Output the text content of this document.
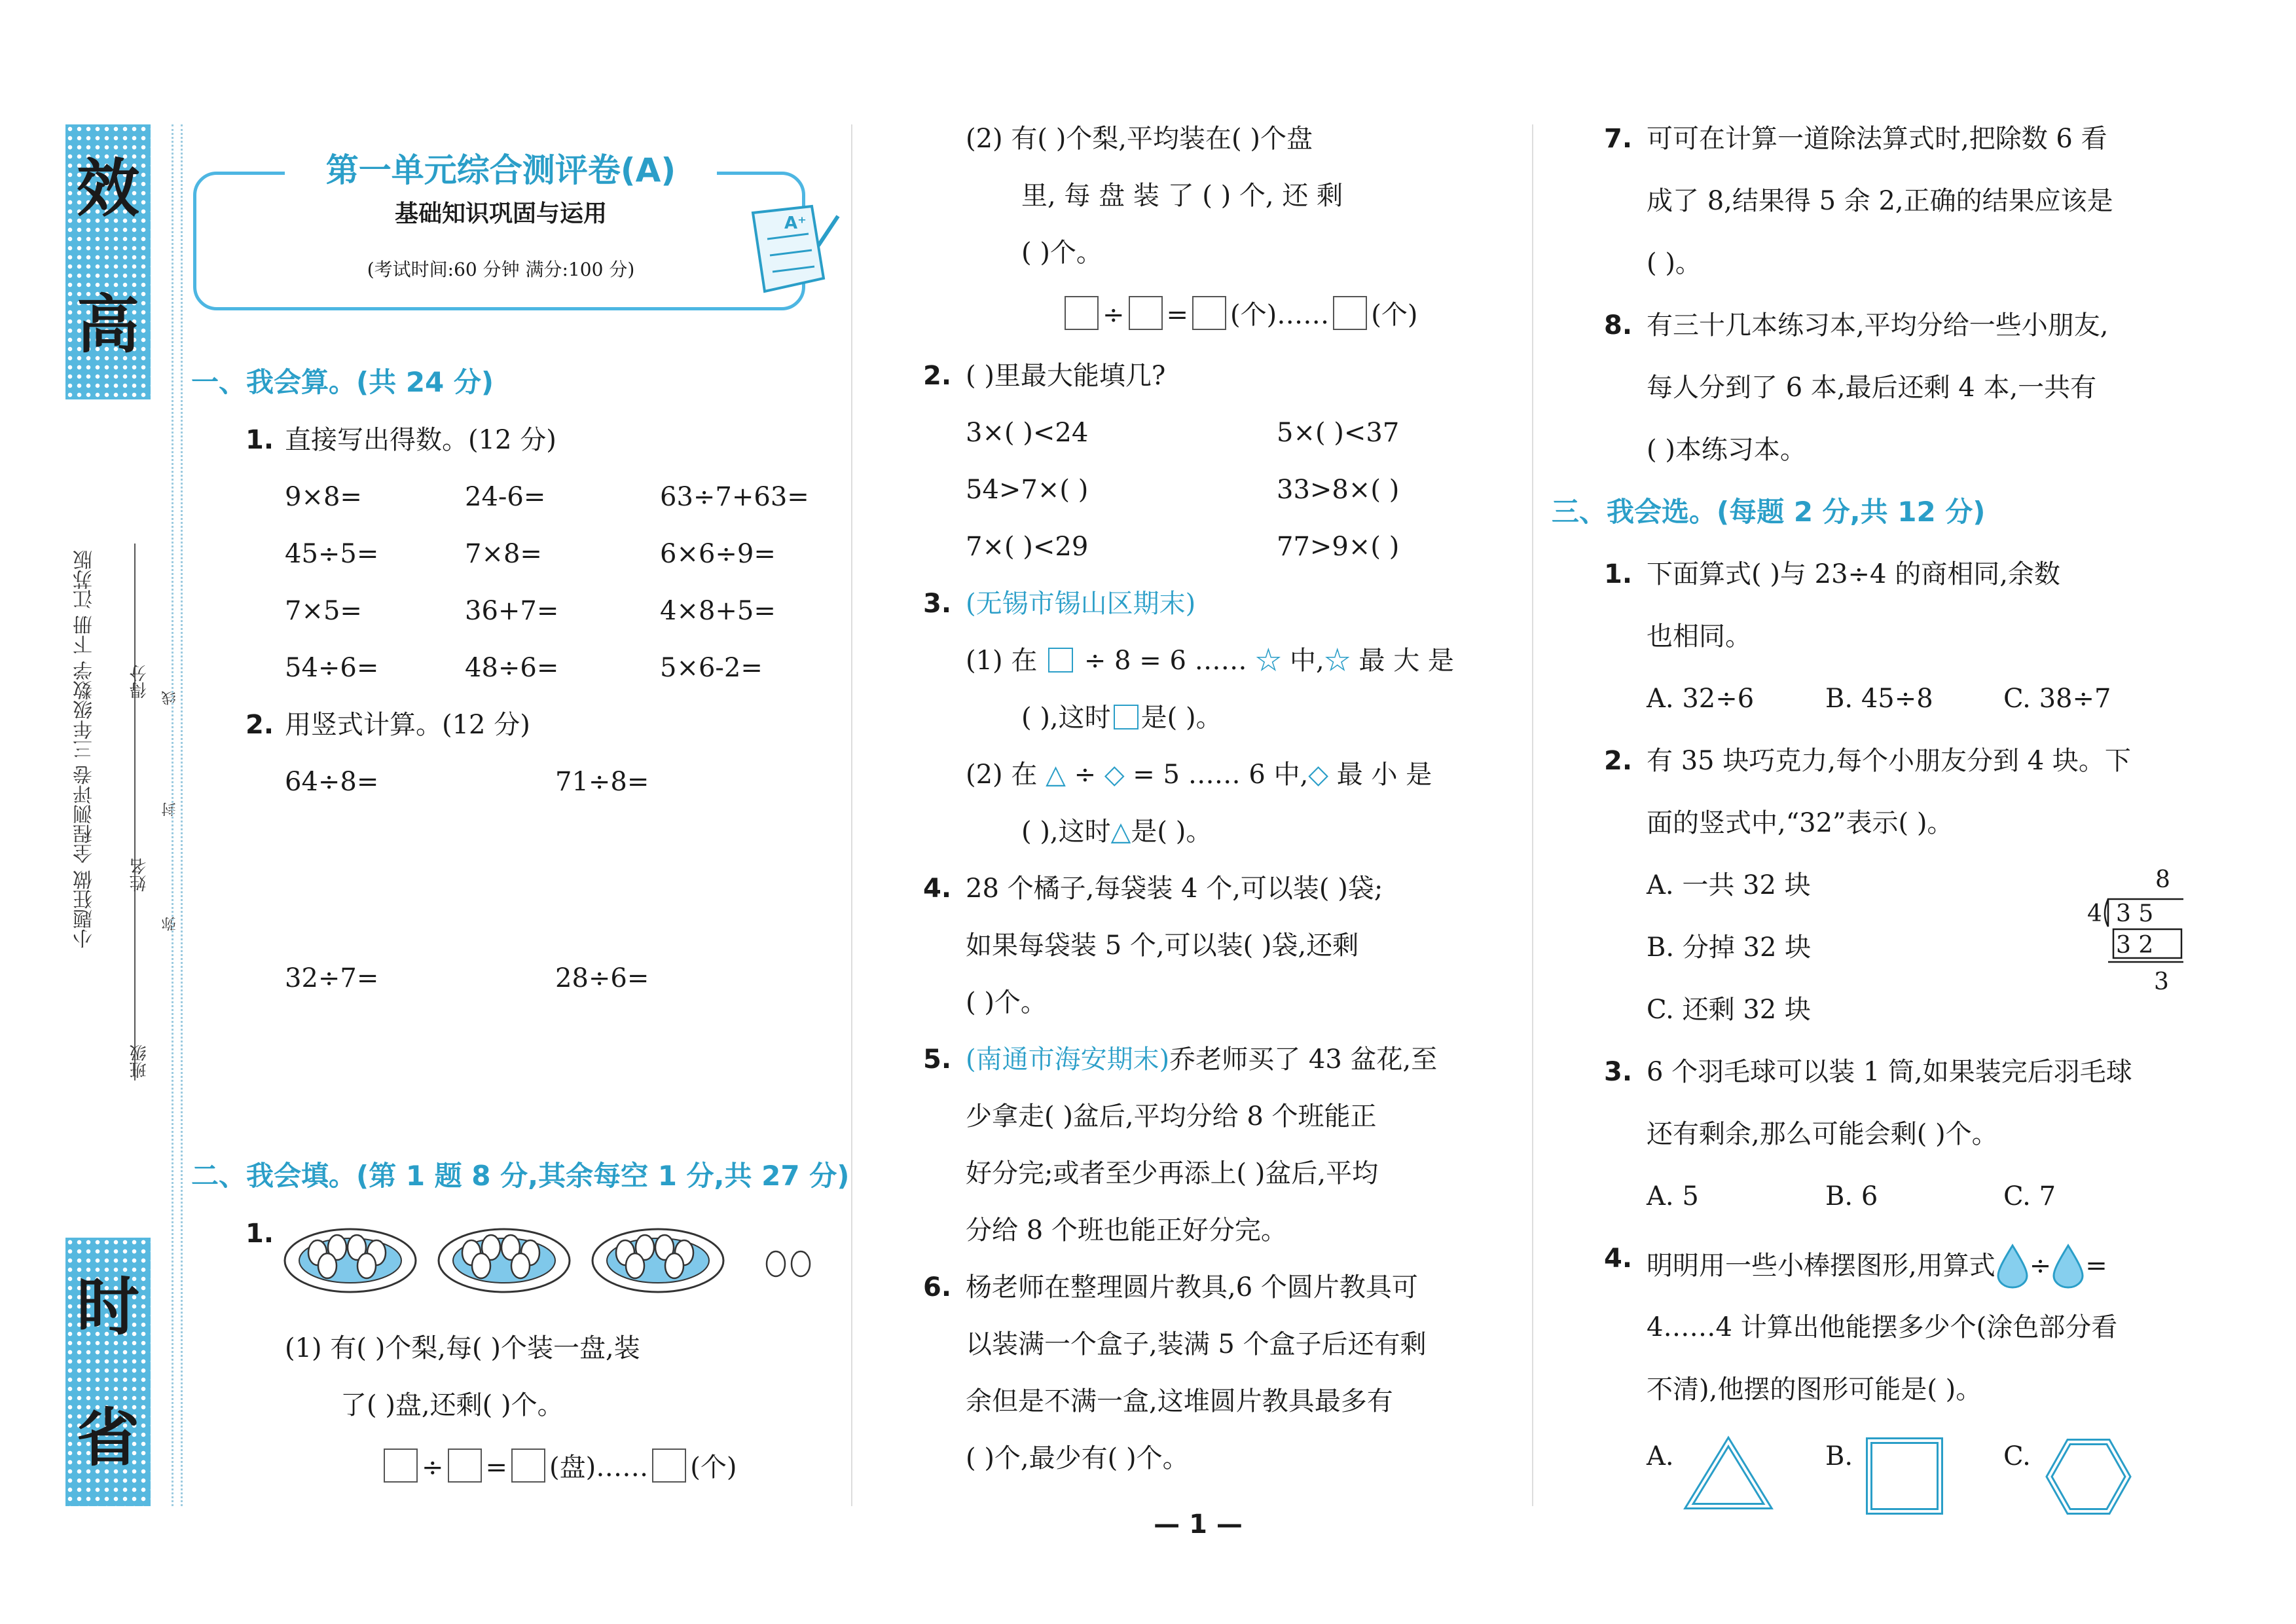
效
高
时
省
小题狂做 全程测评卷 三年级数学 下册 江苏版
班级
姓名
得分
弥
封
线
第一单元综合测评卷(A)
基础知识巩固与运用
(考试时间:60 分钟 满分:100 分)
A⁺
一、我会算。(共 24 分)
1. 直接写出得数。(12 分)
9×8=	24-6=	63÷7+63=
45÷5=	7×8=	6×6÷9=
7×5=	36+7=	4×8+5=
54÷6=	48÷6=	5×6-2=
2. 用竖式计算。(12 分)
64÷8=	71÷8=
32÷7=	28÷6=
二、我会填。(第 1 题 8 分,其余每空 1 分,共 27 分)
1.
(1) 有( )个梨,每( )个装一盘,装
了( )盘,还剩( )个。
÷ = (盘)…… (个)
(2) 有( )个梨,平均装在( )个盘
里, 每 盘 装 了 ( ) 个, 还 剩
( )个。
÷ = (个)…… (个)
2. ( )里最大能填几?
3×( )<24	5×( )<37
54>7×( )	33>8×( )
7×( )<29	77>9×( )
3. (无锡市锡山区期末)
(1) 在 ÷ 8 = 6 …… ☆ 中,☆ 最 大 是
( ),这时 是( )。
(2) 在 △ ÷ ◇ = 5 …… 6 中,◇ 最 小 是
( ),这时△是( )。
4. 28 个橘子,每袋装 4 个,可以装( )袋;
如果每袋装 5 个,可以装( )袋,还剩
( )个。
5. (南通市海安期末)乔老师买了 43 盆花,至
少拿走( )盆后,平均分给 8 个班能正
好分完;或者至少再添上( )盆后,平均
分给 8 个班也能正好分完。
6. 杨老师在整理圆片教具,6 个圆片教具可
以装满一个盒子,装满 5 个盒子后还有剩
余但是不满一盒,这堆圆片教具最多有
( )个,最少有( )个。
— 1 —
7. 可可在计算一道除法算式时,把除数 6 看
成了 8,结果得 5 余 2,正确的结果应该是
( )。
8. 有三十几本练习本,平均分给一些小朋友,
每人分到了 6 本,最后还剩 4 本,一共有
( )本练习本。
三、我会选。(每题 2 分,共 12 分)
1. 下面算式( )与 23÷4 的商相同,余数
也相同。
A. 32÷6	B. 45÷8	C. 38÷7
2. 有 35 块巧克力,每个小朋友分到 4 块。下
面的竖式中,“32”表示( )。
A. 一共 32 块
B. 分掉 32 块
C. 还剩 32 块
8
4 3 5
3 2
3
3. 6 个羽毛球可以装 1 筒,如果装完后羽毛球
还有剩余,那么可能会剩( )个。
A. 5	B. 6	C. 7
4. 明明用一些小棒摆图形,用算式 ÷ =
4……4 计算出他能摆多少个(涂色部分看
不清),他摆的图形可能是( )。
A.	B.	C.
